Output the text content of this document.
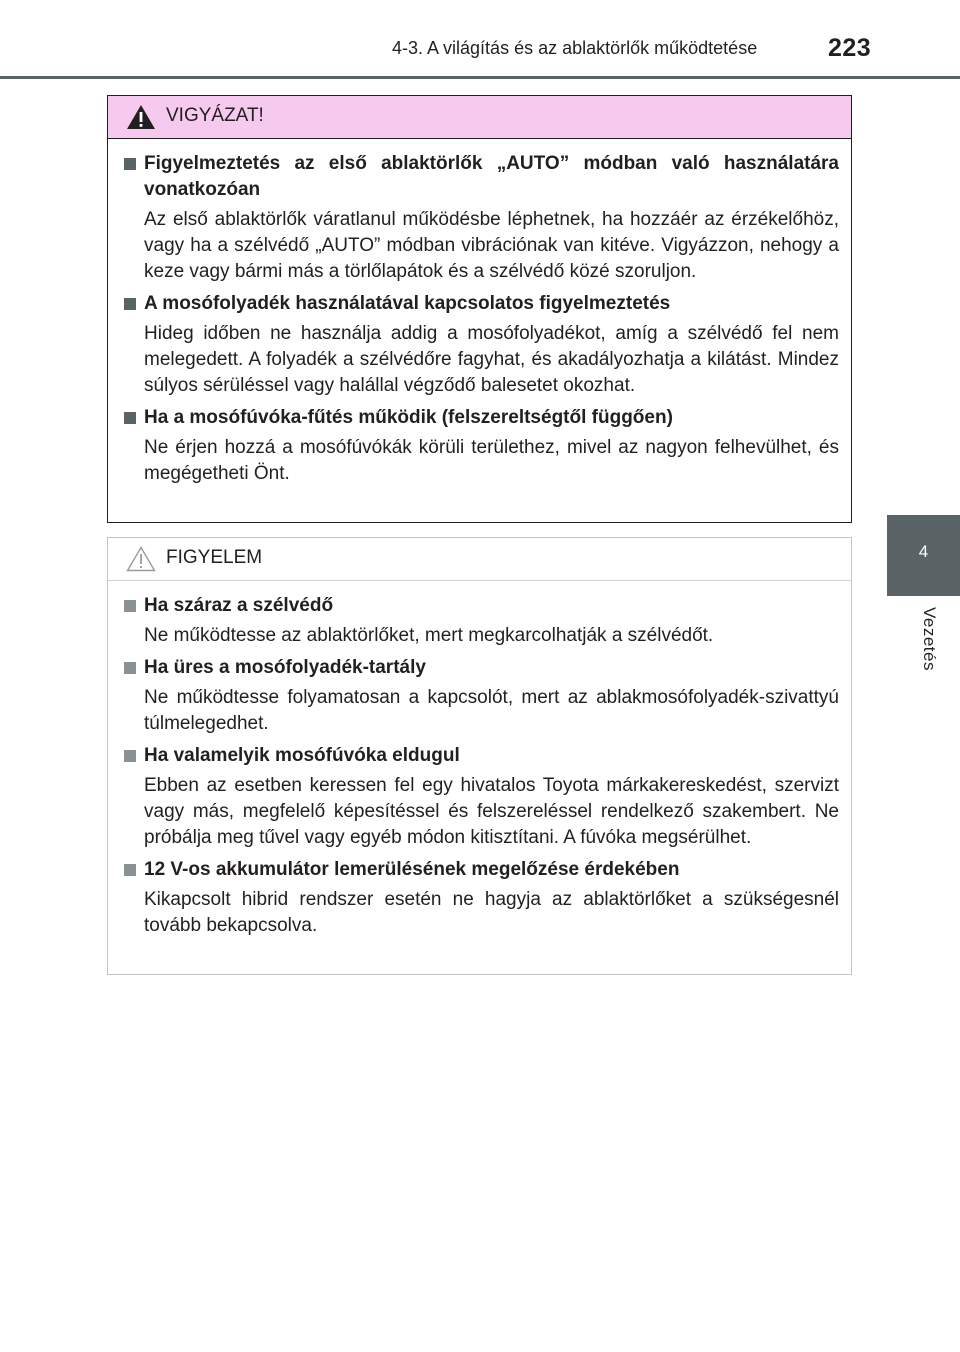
4-3. A világítás és az ablaktörlők működtetése	223
4
Vezetés
VIGYÁZAT!
Figyelmeztetés az első ablaktörlők „AUTO” módban való használatára vonatkozóan
Az első ablaktörlők váratlanul működésbe léphetnek, ha hozzáér az érzékelőhöz, vagy ha a szélvédő „AUTO” módban vibrációnak van kitéve. Vigyázzon, nehogy a keze vagy bármi más a törlőlapátok és a szélvédő közé szoruljon.
A mosófolyadék használatával kapcsolatos figyelmeztetés
Hideg időben ne használja addig a mosófolyadékot, amíg a szélvédő fel nem melegedett. A folyadék a szélvédőre fagyhat, és akadályozhatja a kilátást. Mindez súlyos sérüléssel vagy halállal végződő balesetet okozhat.
Ha a mosófúvóka-fűtés működik (felszereltségtől függően)
Ne érjen hozzá a mosófúvókák körüli területhez, mivel az nagyon felhevülhet, és megégetheti Önt.
FIGYELEM
Ha száraz a szélvédő
Ne működtesse az ablaktörlőket, mert megkarcolhatják a szélvédőt.
Ha üres a mosófolyadék-tartály
Ne működtesse folyamatosan a kapcsolót, mert az ablakmosófolyadék-szivattyú túlmelegedhet.
Ha valamelyik mosófúvóka eldugul
Ebben az esetben keressen fel egy hivatalos Toyota márkakereskedést, szervizt vagy más, megfelelő képesítéssel és felszereléssel rendelkező szakembert. Ne próbálja meg tűvel vagy egyéb módon kitisztítani. A fúvóka megsérülhet.
12 V-os akkumulátor lemerülésének megelőzése érdekében
Kikapcsolt hibrid rendszer esetén ne hagyja az ablaktörlőket a szükségesnél tovább bekapcsolva.
